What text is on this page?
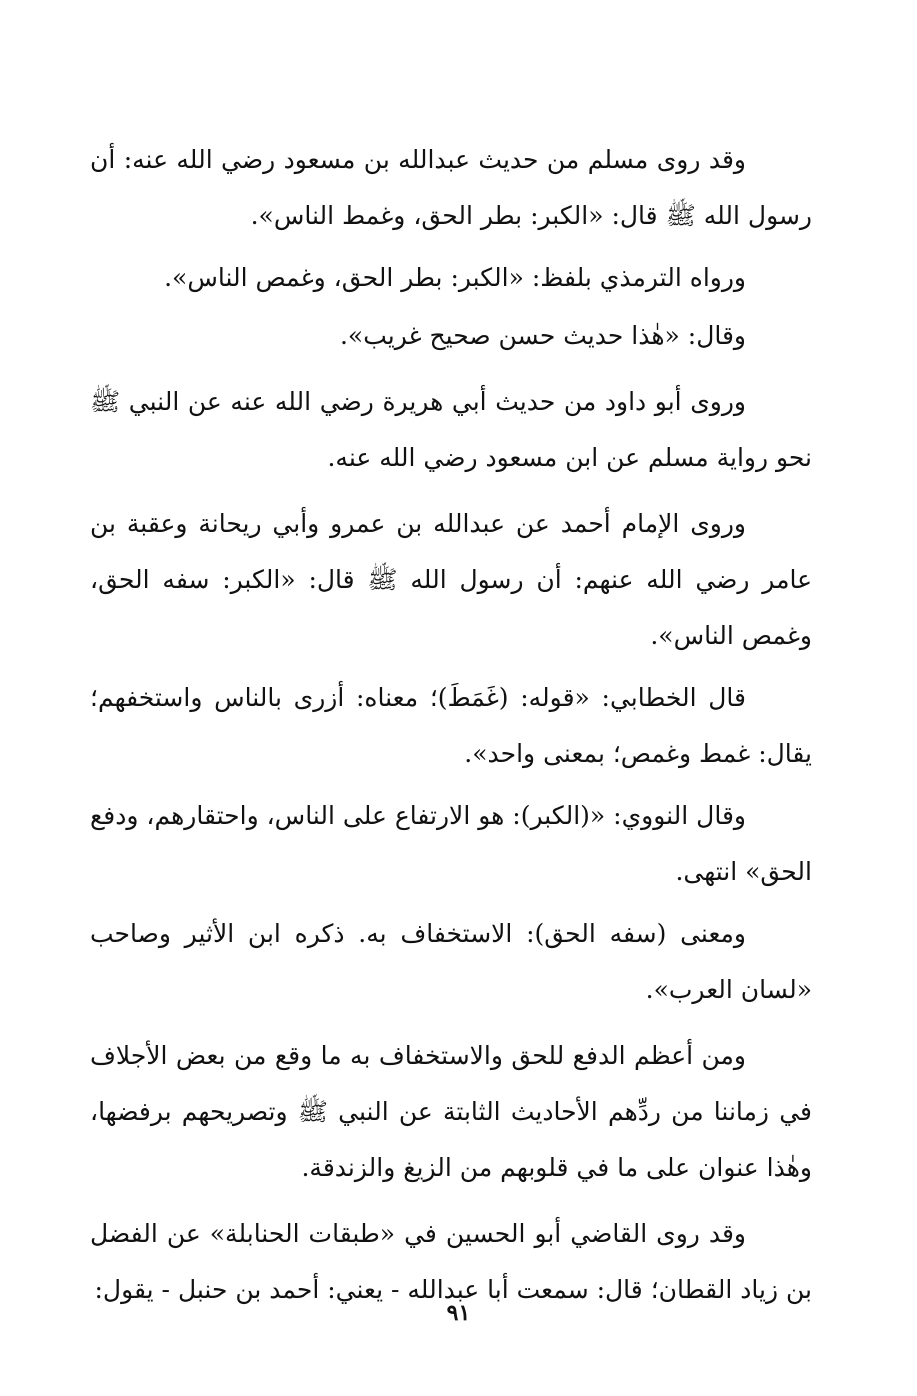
وقد روى مسلم من حديث عبدالله بن مسعود رضي الله عنه: أن رسول الله ﷺ قال: «الكبر: بطر الحق، وغمط الناس».

ورواه الترمذي بلفظ: «الكبر: بطر الحق، وغمص الناس».

وقال: «هٰذا حديث حسن صحيح غريب».

وروى أبو داود من حديث أبي هريرة رضي الله عنه عن النبي ﷺ نحو رواية مسلم عن ابن مسعود رضي الله عنه.

وروى الإمام أحمد عن عبدالله بن عمرو وأبي ريحانة وعقبة بن عامر رضي الله عنهم: أن رسول الله ﷺ قال: «الكبر: سفه الحق، وغمص الناس».

قال الخطابي: «قوله: (غَمَطَ)؛ معناه: أزرى بالناس واستخفهم؛ يقال: غمط وغمص؛ بمعنى واحد».

وقال النووي: «(الكبر): هو الارتفاع على الناس، واحتقارهم، ودفع الحق» انتهى.

ومعنى (سفه الحق): الاستخفاف به. ذكره ابن الأثير وصاحب «لسان العرب».

ومن أعظم الدفع للحق والاستخفاف به ما وقع من بعض الأجلاف في زماننا من ردِّهم الأحاديث الثابتة عن النبي ﷺ وتصريحهم برفضها، وهٰذا عنوان على ما في قلوبهم من الزيغ والزندقة.

وقد روى القاضي أبو الحسين في «طبقات الحنابلة» عن الفضل بن زياد القطان؛ قال: سمعت أبا عبدالله - يعني: أحمد بن حنبل - يقول:

٩١
